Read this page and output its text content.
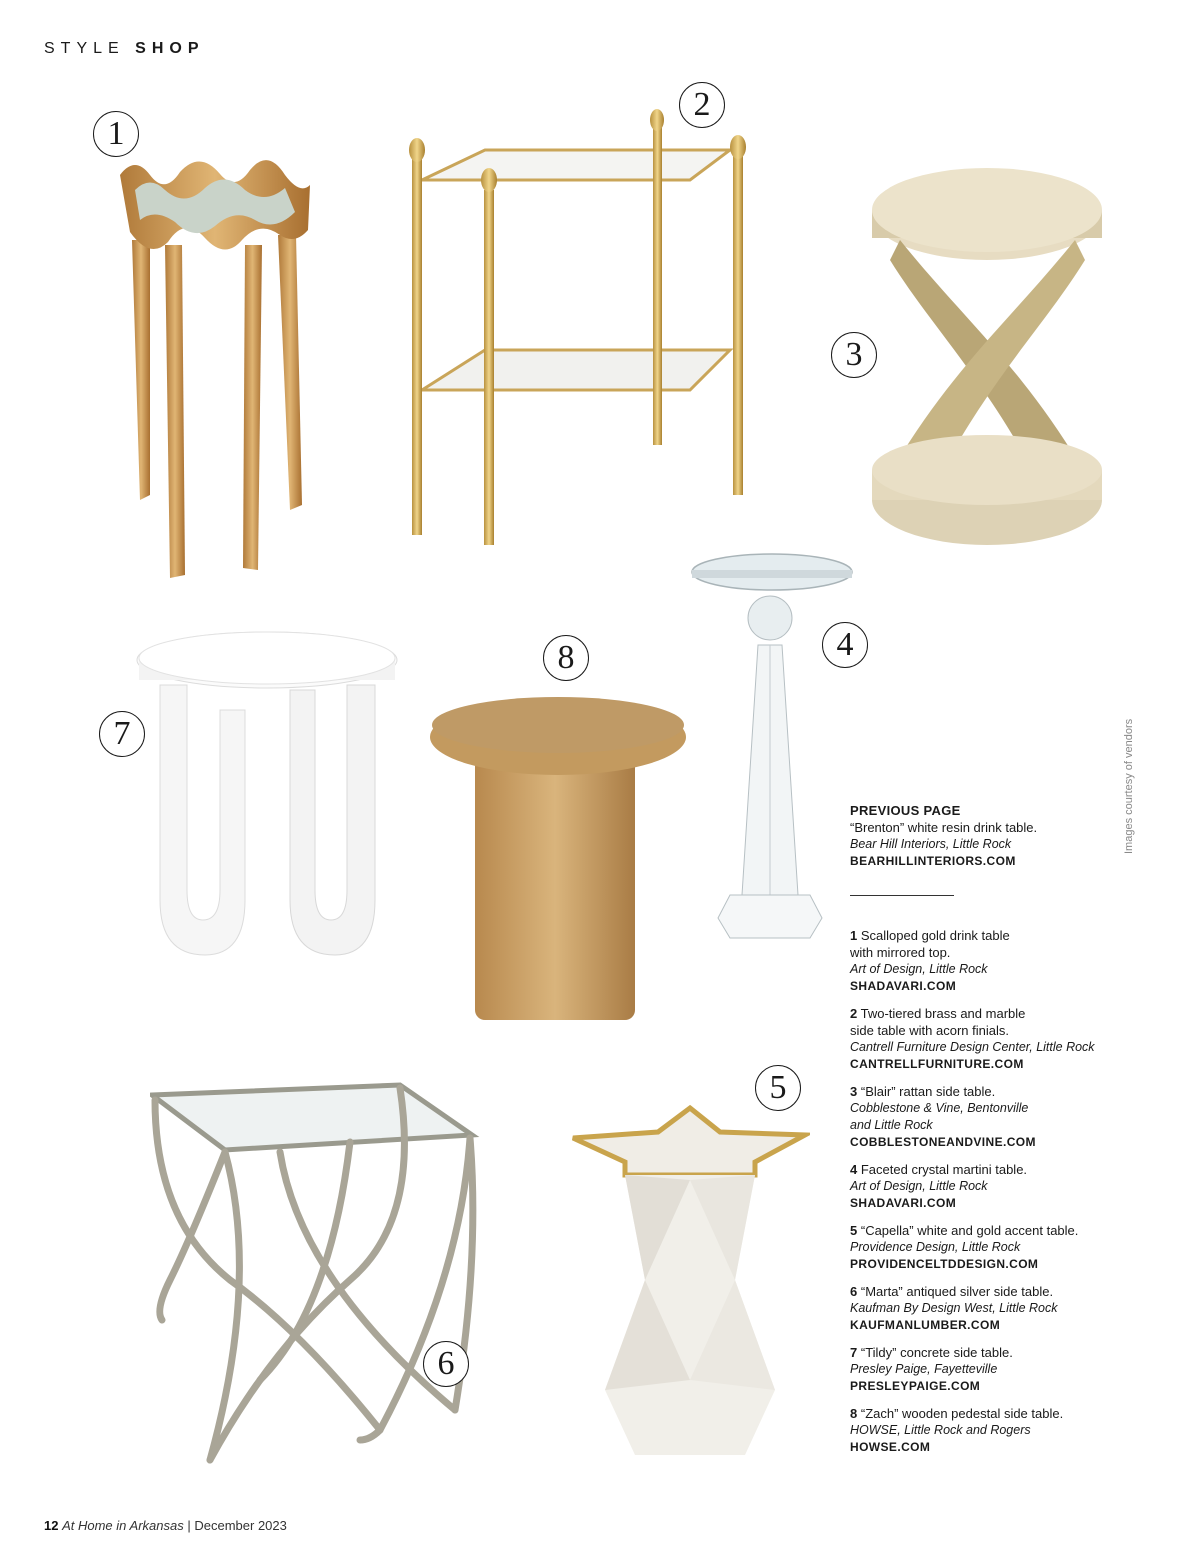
STYLE SHOP
1
2
3
4
7
8
6
5
Images courtesy of vendors
PREVIOUS PAGE
“Brenton” white resin drink table.
Bear Hill Interiors, Little Rock
BEARHILLINTERIORS.COM
1 Scalloped gold drink table
with mirrored top.
Art of Design, Little Rock
SHADAVARI.COM
2 Two-tiered brass and marble
side table with acorn finials.
Cantrell Furniture Design Center, Little Rock
CANTRELLFURNITURE.COM
3 “Blair” rattan side table.
Cobblestone & Vine, Bentonville
and Little Rock
COBBLESTONEANDVINE.COM
4 Faceted crystal martini table.
Art of Design, Little Rock
SHADAVARI.COM
5 “Capella” white and gold accent table.
Providence Design, Little Rock
PROVIDENCELTDDESIGN.COM
6 “Marta” antiqued silver side table.
Kaufman By Design West, Little Rock
KAUFMANLUMBER.COM
7 “Tildy” concrete side table.
Presley Paige, Fayetteville
PRESLEYPAIGE.COM
8 “Zach” wooden pedestal side table.
HOWSE, Little Rock and Rogers
HOWSE.COM
12 At Home in Arkansas | December 2023
